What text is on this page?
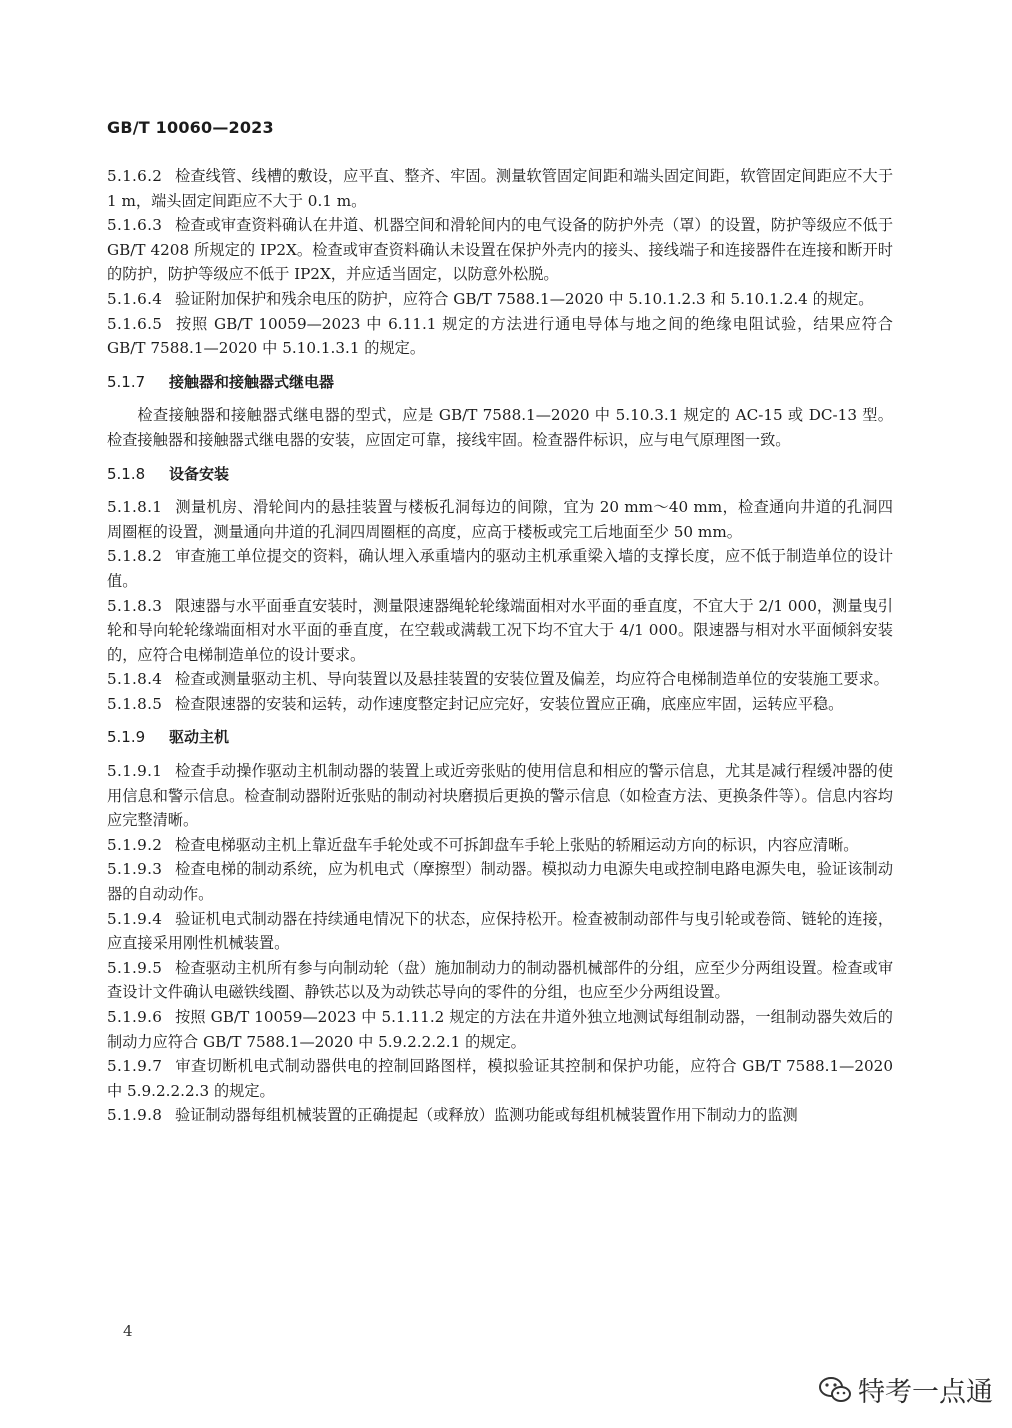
GB/T 10060—2023
5.1.6.2 检查线管、线槽的敷设，应平直、整齐、牢固。测量软管固定间距和端头固定间距，软管固定间距应不大于 1 m，端头固定间距应不大于 0.1 m。
5.1.6.3 检查或审查资料确认在井道、机器空间和滑轮间内的电气设备的防护外壳（罩）的设置，防护等级应不低于 GB/T 4208 所规定的 IP2X。检查或审查资料确认未设置在保护外壳内的接头、接线端子和连接器件在连接和断开时的防护，防护等级应不低于 IP2X，并应适当固定，以防意外松脱。
5.1.6.4 验证附加保护和残余电压的防护，应符合 GB/T 7588.1—2020 中 5.10.1.2.3 和 5.10.1.2.4 的规定。
5.1.6.5 按照 GB/T 10059—2023 中 6.11.1 规定的方法进行通电导体与地之间的绝缘电阻试验，结果应符合 GB/T 7588.1—2020 中 5.10.1.3.1 的规定。
5.1.7 接触器和接触器式继电器
检查接触器和接触器式继电器的型式，应是 GB/T 7588.1—2020 中 5.10.3.1 规定的 AC-15 或 DC-13 型。检查接触器和接触器式继电器的安装，应固定可靠，接线牢固。检查器件标识，应与电气原理图一致。
5.1.8 设备安装
5.1.8.1 测量机房、滑轮间内的悬挂装置与楼板孔洞每边的间隙，宜为 20 mm～40 mm，检查通向井道的孔洞四周圈框的设置，测量通向井道的孔洞四周圈框的高度，应高于楼板或完工后地面至少 50 mm。
5.1.8.2 审查施工单位提交的资料，确认埋入承重墙内的驱动主机承重梁入墙的支撑长度，应不低于制造单位的设计值。
5.1.8.3 限速器与水平面垂直安装时，测量限速器绳轮轮缘端面相对水平面的垂直度，不宜大于 2/1 000，测量曳引轮和导向轮轮缘端面相对水平面的垂直度，在空载或满载工况下均不宜大于 4/1 000。限速器与相对水平面倾斜安装的，应符合电梯制造单位的设计要求。
5.1.8.4 检查或测量驱动主机、导向装置以及悬挂装置的安装位置及偏差，均应符合电梯制造单位的安装施工要求。
5.1.8.5 检查限速器的安装和运转，动作速度整定封记应完好，安装位置应正确，底座应牢固，运转应平稳。
5.1.9 驱动主机
5.1.9.1 检查手动操作驱动主机制动器的装置上或近旁张贴的使用信息和相应的警示信息，尤其是减行程缓冲器的使用信息和警示信息。检查制动器附近张贴的制动衬块磨损后更换的警示信息（如检查方法、更换条件等）。信息内容均应完整清晰。
5.1.9.2 检查电梯驱动主机上靠近盘车手轮处或不可拆卸盘车手轮上张贴的轿厢运动方向的标识，内容应清晰。
5.1.9.3 检查电梯的制动系统，应为机电式（摩擦型）制动器。模拟动力电源失电或控制电路电源失电，验证该制动器的自动动作。
5.1.9.4 验证机电式制动器在持续通电情况下的状态，应保持松开。检查被制动部件与曳引轮或卷筒、链轮的连接，应直接采用刚性机械装置。
5.1.9.5 检查驱动主机所有参与向制动轮（盘）施加制动力的制动器机械部件的分组，应至少分两组设置。检查或审查设计文件确认电磁铁线圈、静铁芯以及为动铁芯导向的零件的分组，也应至少分两组设置。
5.1.9.6 按照 GB/T 10059—2023 中 5.1.11.2 规定的方法在井道外独立地测试每组制动器，一组制动器失效后的制动力应符合 GB/T 7588.1—2020 中 5.9.2.2.2.1 的规定。
5.1.9.7 审查切断机电式制动器供电的控制回路图样，模拟验证其控制和保护功能，应符合 GB/T 7588.1—2020 中 5.9.2.2.2.3 的规定。
5.1.9.8 验证制动器每组机械装置的正确提起（或释放）监测功能或每组机械装置作用下制动力的监测
4
特考一点通
